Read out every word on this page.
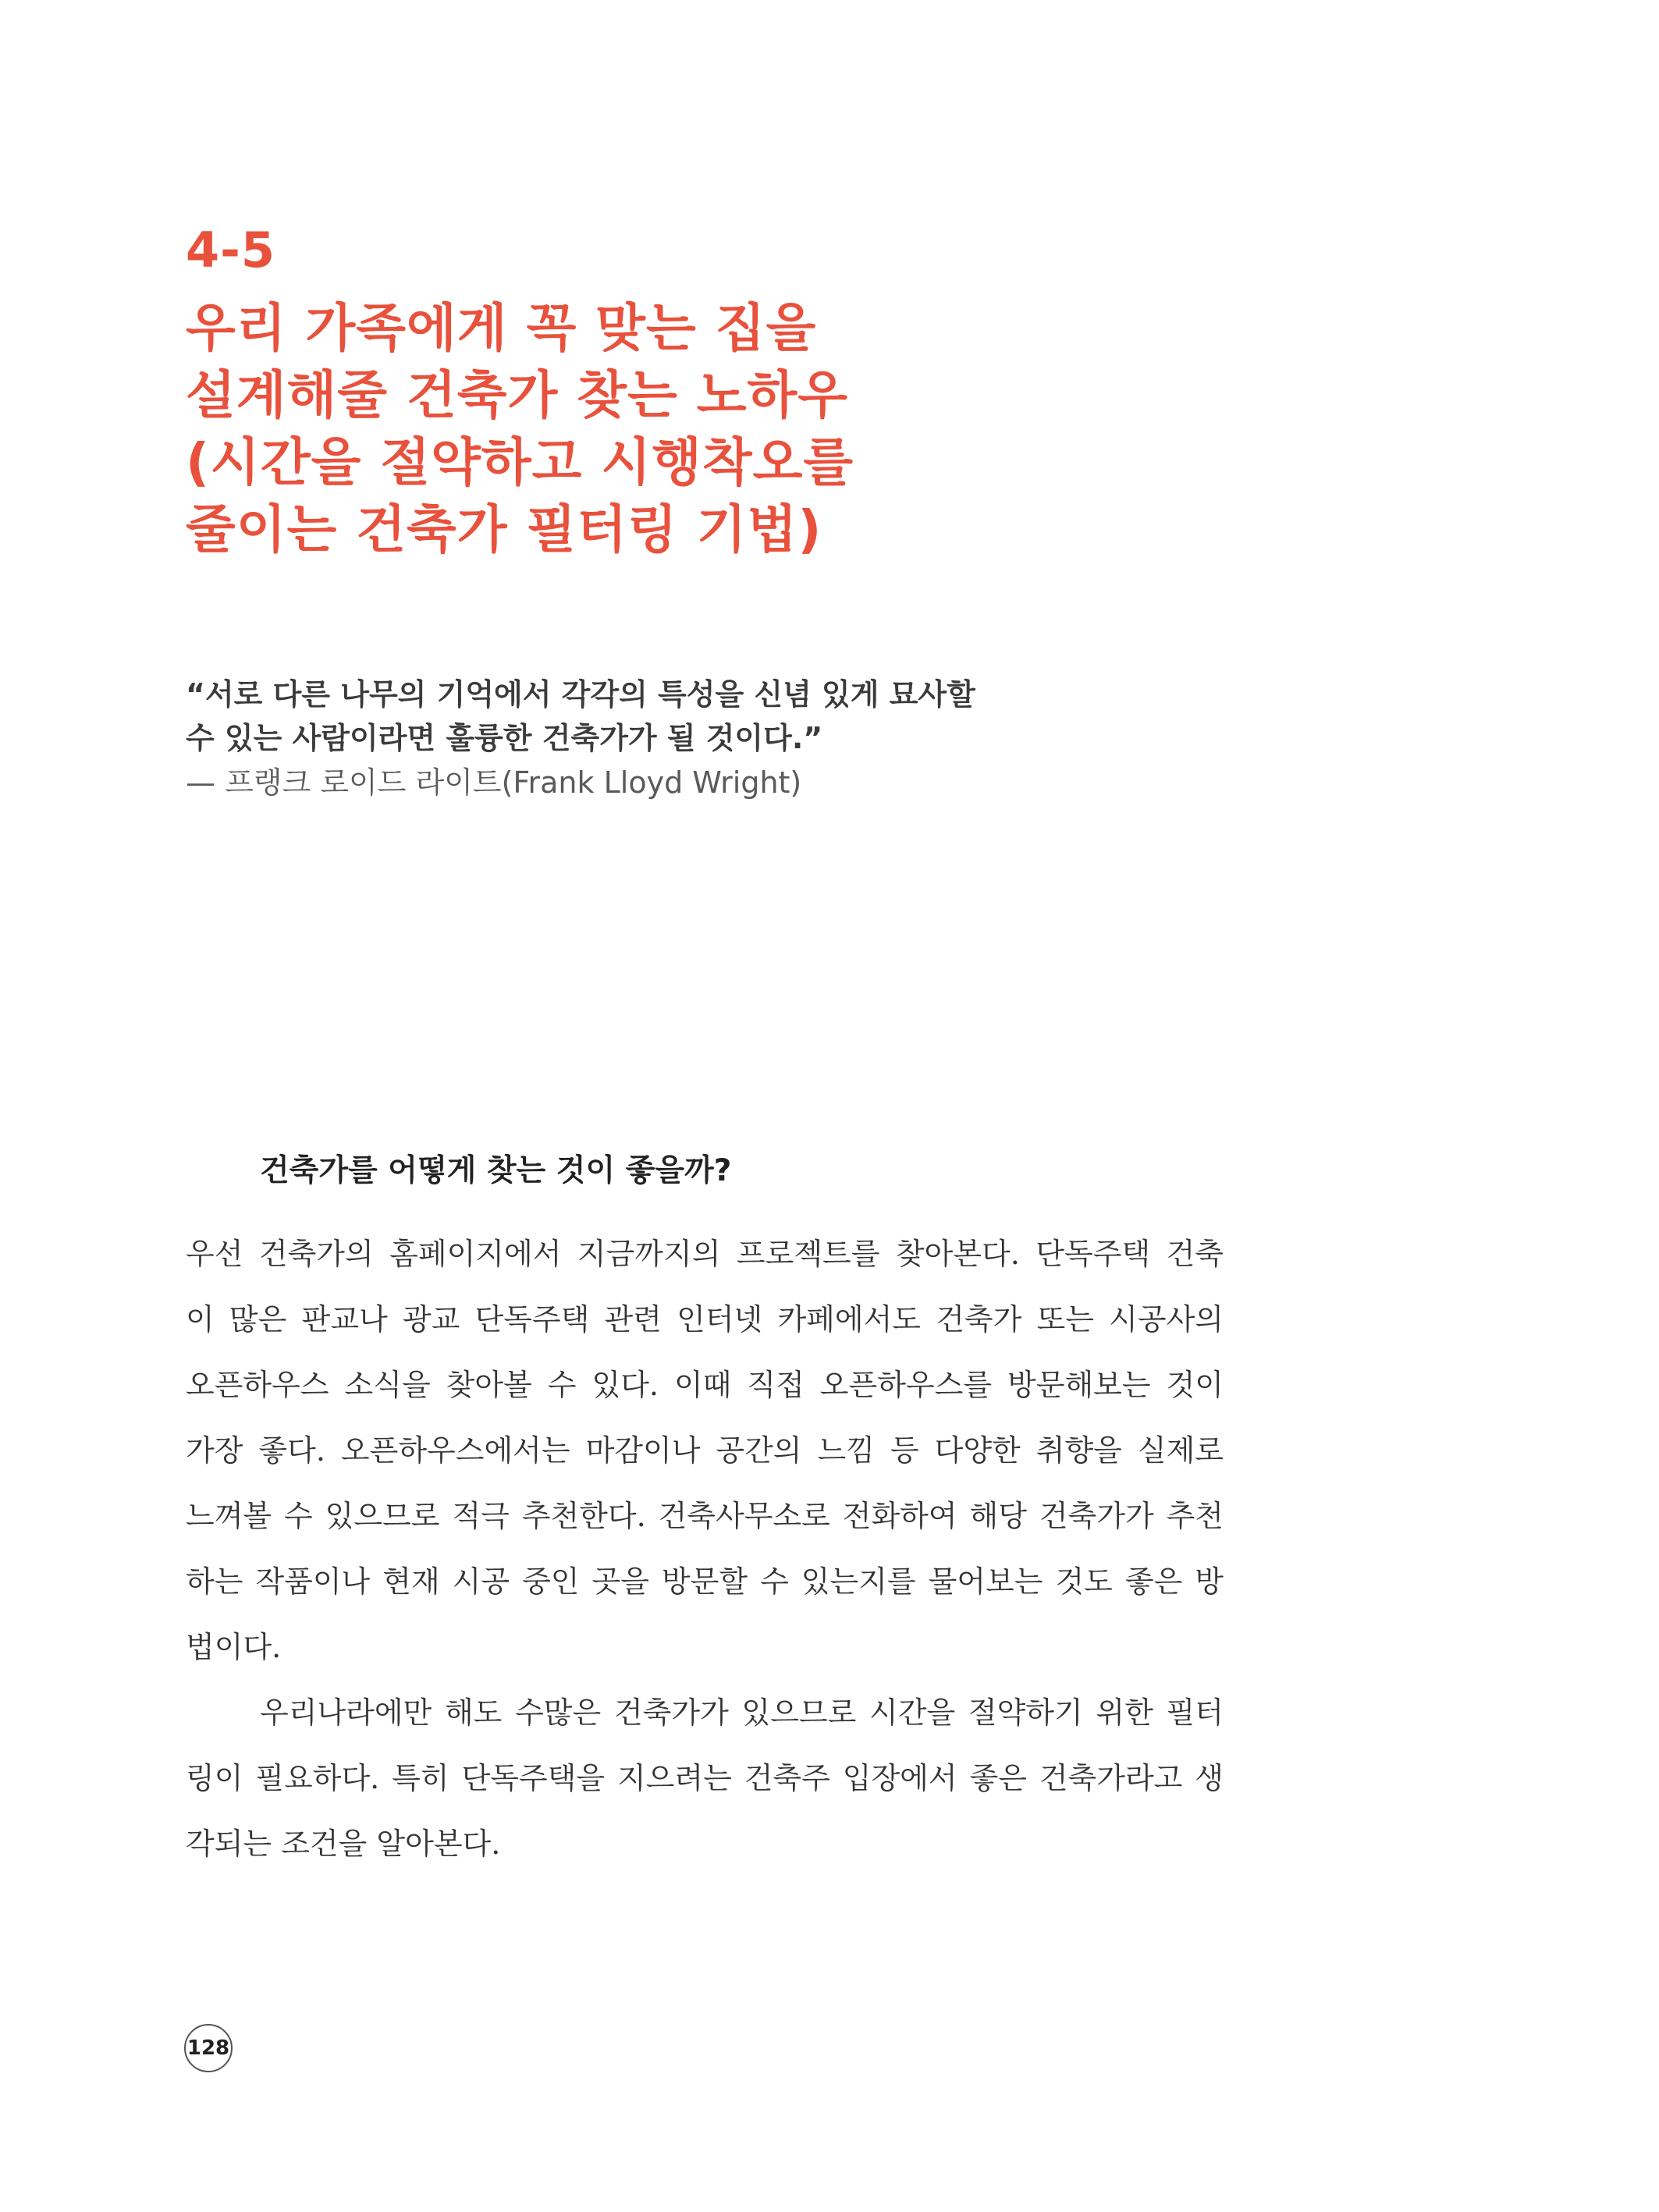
4-5
우리 가족에게 꼭 맞는 집을
설계해줄 건축가 찾는 노하우
(시간을 절약하고 시행착오를
줄이는 건축가 필터링 기법)
“서로 다른 나무의 기억에서 각각의 특성을 신념 있게 묘사할
수 있는 사람이라면 훌륭한 건축가가 될 것이다.”
— 프랭크 로이드 라이트(Frank Lloyd Wright)
건축가를 어떻게 찾는 것이 좋을까?
우선 건축가의 홈페이지에서 지금까지의 프로젝트를 찾아본다. 단독주택 건축
이 많은 판교나 광교 단독주택 관련 인터넷 카페에서도 건축가 또는 시공사의
오픈하우스 소식을 찾아볼 수 있다. 이때 직접 오픈하우스를 방문해보는 것이
가장 좋다. 오픈하우스에서는 마감이나 공간의 느낌 등 다양한 취향을 실제로
느껴볼 수 있으므로 적극 추천한다. 건축사무소로 전화하여 해당 건축가가 추천
하는 작품이나 현재 시공 중인 곳을 방문할 수 있는지를 물어보는 것도 좋은 방
법이다.
우리나라에만 해도 수많은 건축가가 있으므로 시간을 절약하기 위한 필터
링이 필요하다. 특히 단독주택을 지으려는 건축주 입장에서 좋은 건축가라고 생
각되는 조건을 알아본다.
128
